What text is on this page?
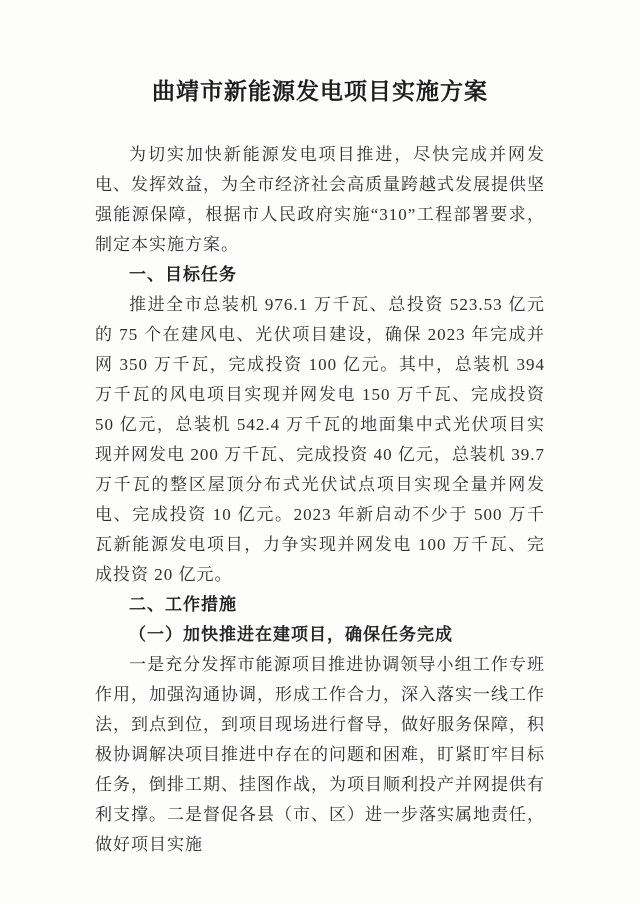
曲靖市新能源发电项目实施方案

为切实加快新能源发电项目推进，尽快完成并网发电、发挥效益，为全市经济社会高质量跨越式发展提供坚强能源保障，根据市人民政府实施“310”工程部署要求，制定本实施方案。

一、目标任务

推进全市总装机 976.1 万千瓦、总投资 523.53 亿元的 75 个在建风电、光伏项目建设，确保 2023 年完成并网 350 万千瓦，完成投资 100 亿元。其中，总装机 394 万千瓦的风电项目实现并网发电 150 万千瓦、完成投资 50 亿元，总装机 542.4 万千瓦的地面集中式光伏项目实现并网发电 200 万千瓦、完成投资 40 亿元，总装机 39.7 万千瓦的整区屋顶分布式光伏试点项目实现全量并网发电、完成投资 10 亿元。2023 年新启动不少于 500 万千瓦新能源发电项目，力争实现并网发电 100 万千瓦、完成投资 20 亿元。

二、工作措施

（一）加快推进在建项目，确保任务完成

一是充分发挥市能源项目推进协调领导小组工作专班作用，加强沟通协调，形成工作合力，深入落实一线工作法，到点到位，到项目现场进行督导，做好服务保障，积极协调解决项目推进中存在的问题和困难，盯紧盯牢目标任务，倒排工期、挂图作战，为项目顺利投产并网提供有利支撑。二是督促各县（市、区）进一步落实属地责任，做好项目实施
